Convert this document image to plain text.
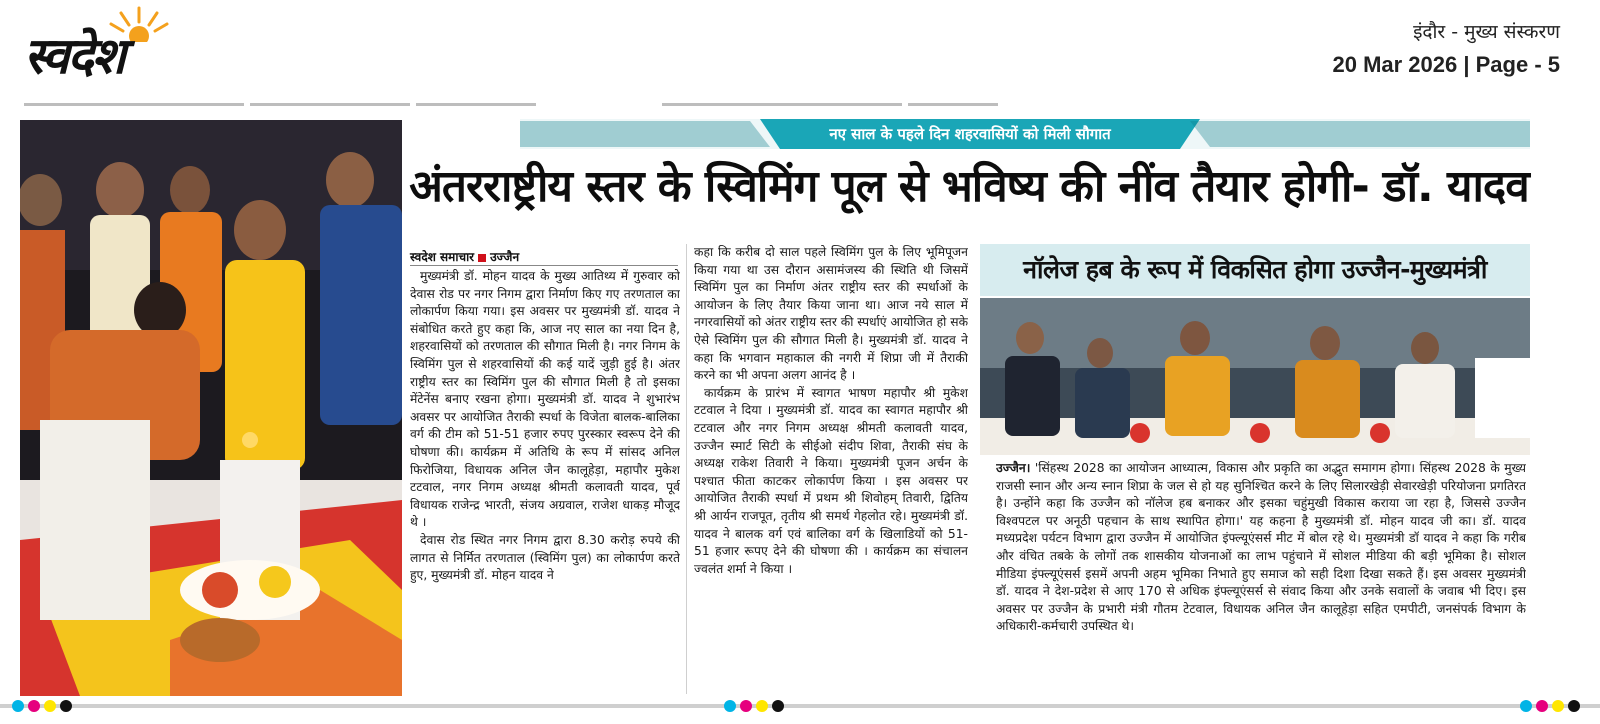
स्वदेश	इंदौर - मुख्य संस्करण
20 Mar 2026 | Page - 5
नए साल के पहले दिन शहरवासियों को मिली सौगात
अंतरराष्ट्रीय स्तर के स्विमिंग पूल से भविष्य की नींव तैयार होगी- डॉ. यादव
स्वदेश समाचार उज्जैन

मुख्यमंत्री डॉ. मोहन यादव के मुख्य आतिथ्य में गुरुवार को देवास रोड पर नगर निगम द्वारा निर्माण किए गए तरणताल का लोकार्पण किया गया। इस अवसर पर मुख्यमंत्री डॉ. यादव ने संबोधित करते हुए कहा कि, आज नए साल का नया दिन है, शहरवासियों को तरणताल की सौगात मिली है। नगर निगम के स्विमिंग पुल से शहरवासियों की कई यादें जुड़ी हुई है। अंतर राष्ट्रीय स्तर का स्विमिंग पुल की सौगात मिली है तो इसका मेंटेनेंस बनाए रखना होगा। मुख्यमंत्री डॉ. यादव ने शुभारंभ अवसर पर आयोजित तैराकी स्पर्धा के विजेता बालक-बालिका वर्ग की टीम को 51-51 हजार रुपए पुरस्कार स्वरूप देने की घोषणा की। कार्यक्रम में अतिथि के रूप में सांसद अनिल फिरोजिया, विधायक अनिल जैन कालूहेड़ा, महापौर मुकेश टटवाल, नगर निगम अध्यक्ष श्रीमती कलावती यादव, पूर्व विधायक राजेन्द्र भारती, संजय अग्रवाल, राजेश धाकड़ मौजूद थे ।

देवास रोड स्थित नगर निगम द्वारा 8.30 करोड़ रुपये की लागत से निर्मित तरणताल (स्विमिंग पुल) का लोकार्पण करते हुए, मुख्यमंत्री डॉ. मोहन यादव ने

कहा कि करीब दो साल पहले स्विमिंग पुल के लिए भूमिपूजन किया गया था उस दौरान असामंजस्य की स्थिति थी जिसमें स्विमिंग पुल का निर्माण अंतर राष्ट्रीय स्तर की स्पर्धाओं के आयोजन के लिए तैयार किया जाना था। आज नये साल में नगरवासियों को अंतर राष्ट्रीय स्तर की स्पर्धाएं आयोजित हो सके ऐसे स्विमिंग पुल की सौगात मिली है। मुख्यमंत्री डॉ. यादव ने कहा कि भगवान महाकाल की नगरी में शिप्रा जी में तैराकी करने का भी अपना अलग आनंद है ।

कार्यक्रम के प्रारंभ में स्वागत भाषण महापौर श्री मुकेश टटवाल ने दिया । मुख्यमंत्री डॉ. यादव का स्वागत महापौर श्री टटवाल और नगर निगम अध्यक्ष श्रीमती कलावती यादव, उज्जैन स्मार्ट सिटी के सीईओ संदीप शिवा, तैराकी संघ के अध्यक्ष राकेश तिवारी ने किया। मुख्यमंत्री पूजन अर्चन के पश्चात फीता काटकर लोकार्पण किया । इस अवसर पर आयोजित तैराकी स्पर्धा में प्रथम श्री शिवोहम् तिवारी, द्वितिय श्री आर्यन राजपूत, तृतीय श्री समर्थ गेहलोत रहे। मुख्यमंत्री डॉ. यादव ने बालक वर्ग एवं बालिका वर्ग के खिलाडियों को 51-51 हजार रूपए देने की घोषणा की । कार्यक्रम का संचालन ज्वलंत शर्मा ने किया ।

नॉलेज हब के रूप में विकसित होगा उज्जैन-मुख्यमंत्री

उज्जैन। 'सिंहस्थ 2028 का आयोजन आध्यात्म, विकास और प्रकृति का अद्भुत समागम होगा। सिंहस्थ 2028 के मुख्य राजसी स्नान और अन्य स्नान शिप्रा के जल से हो यह सुनिश्चित करने के लिए सिलारखेड़ी सेवारखेड़ी परियोजना प्रगतिरत है। उन्होंने कहा कि उज्जैन को नॉलेज हब बनाकर और इसका चहुंमुखी विकास कराया जा रहा है, जिससे उज्जैन विश्वपटल पर अनूठी पहचान के साथ स्थापित होगा।' यह कहना है मुख्यमंत्री डॉ. मोहन यादव जी का। डॉ. यादव मध्यप्रदेश पर्यटन विभाग द्वारा उज्जैन में आयोजित इंफ्ल्यूएंसर्स मीट में बोल रहे थे। मुख्यमंत्री डॉ यादव ने कहा कि गरीब और वंचित तबके के लोगों तक शासकीय योजनाओं का लाभ पहुंचाने में सोशल मीडिया की बड़ी भूमिका है। सोशल मीडिया इंफ्ल्यूएंसर्स इसमें अपनी अहम भूमिका निभाते हुए समाज को सही दिशा दिखा सकते हैं। इस अवसर मुख्यमंत्री डॉ. यादव ने देश-प्रदेश से आए 170 से अधिक इंफ्ल्यूएंसर्स से संवाद किया और उनके सवालों के जवाब भी दिए। इस अवसर पर उज्जैन के प्रभारी मंत्री गौतम टेटवाल, विधायक अनिल जैन कालूहेड़ा सहित एमपीटी, जनसंपर्क विभाग के अधिकारी-कर्मचारी उपस्थित थे।
